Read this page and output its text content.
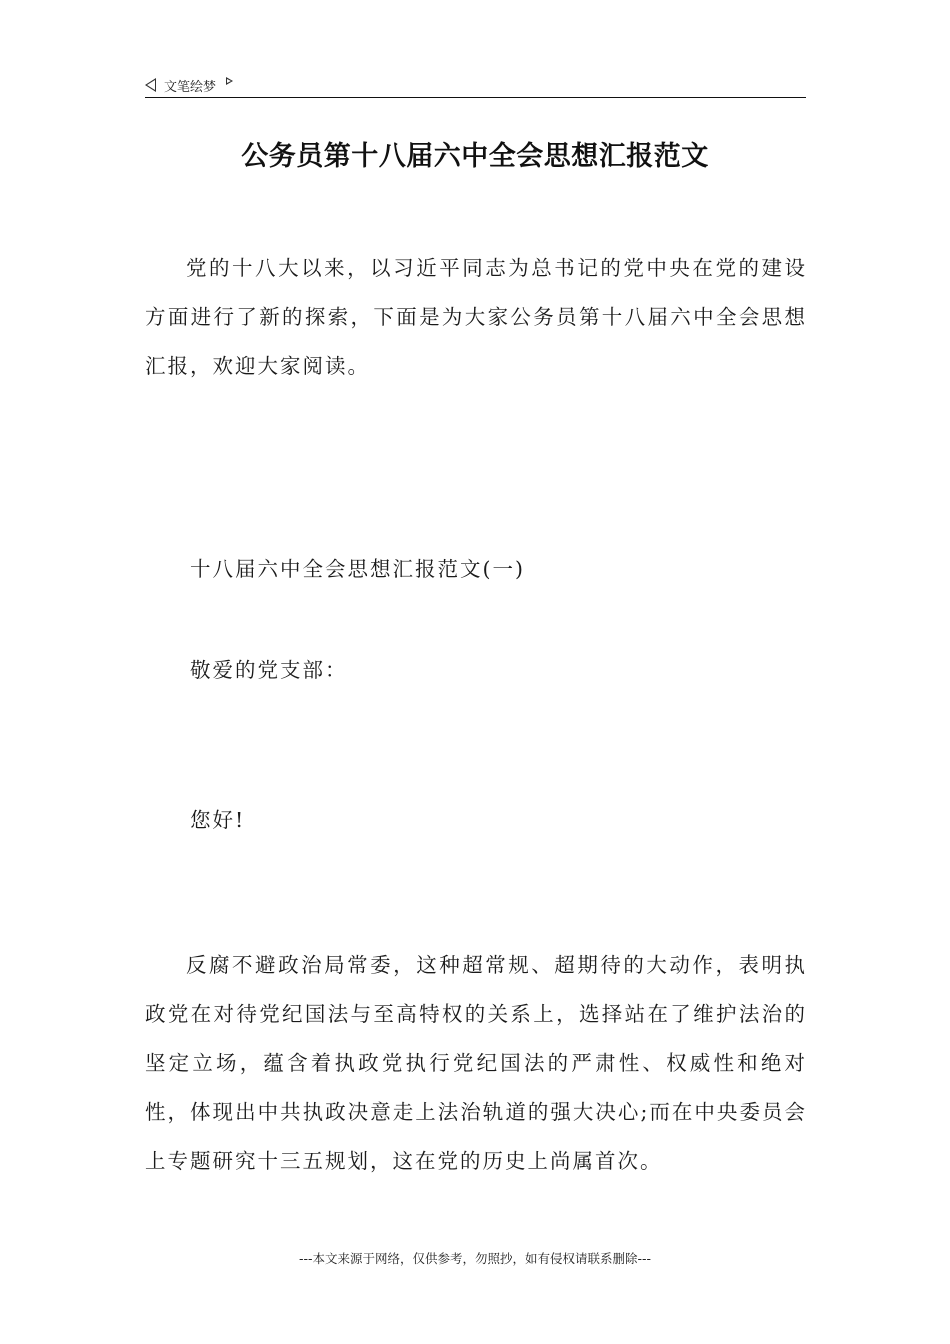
文笔绘梦
公务员第十八届六中全会思想汇报范文

党的十八大以来，以习近平同志为总书记的党中央在党的建设方面进行了新的探索，下面是为大家公务员第十八届六中全会思想汇报，欢迎大家阅读。

十八届六中全会思想汇报范文(一)

敬爱的党支部：

您好!

反腐不避政治局常委，这种超常规、超期待的大动作，表明执政党在对待党纪国法与至高特权的关系上，选择站在了维护法治的坚定立场，蕴含着执政党执行党纪国法的严肃性、权威性和绝对性，体现出中共执政决意走上法治轨道的强大决心;而在中央委员会上专题研究十三五规划，这在党的历史上尚属首次。

---本文来源于网络，仅供参考，勿照抄，如有侵权请联系删除---
